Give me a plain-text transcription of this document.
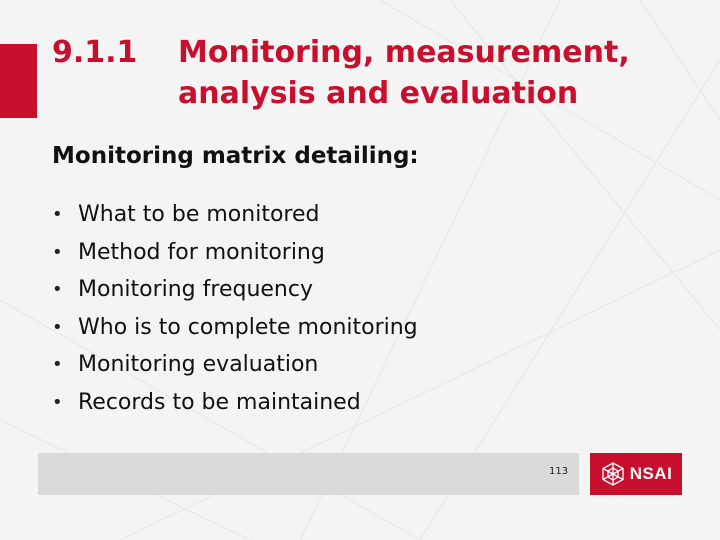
9.1.1 Monitoring, measurement,
analysis and evaluation
Monitoring matrix detailing:
• What to be monitored
• Method for monitoring
• Monitoring frequency
• Who is to complete monitoring
• Monitoring evaluation
• Records to be maintained
113	NSAI
